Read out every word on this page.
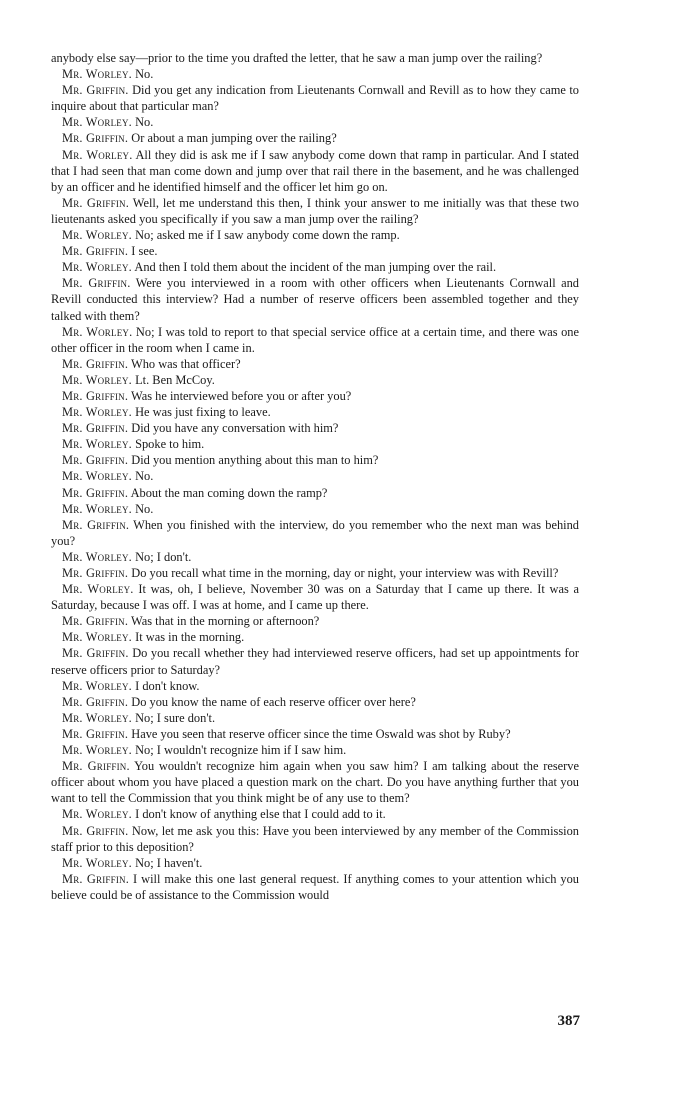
anybody else say—prior to the time you drafted the letter, that he saw a man jump over the railing?

Mr. Worley. No.

Mr. Griffin. Did you get any indication from Lieutenants Cornwall and Revill as to how they came to inquire about that particular man?

Mr. Worley. No.

Mr. Griffin. Or about a man jumping over the railing?

Mr. Worley. All they did is ask me if I saw anybody come down that ramp in particular. And I stated that I had seen that man come down and jump over that rail there in the basement, and he was challenged by an officer and he identified himself and the officer let him go on.

Mr. Griffin. Well, let me understand this then, I think your answer to me initially was that these two lieutenants asked you specifically if you saw a man jump over the railing?

Mr. Worley. No; asked me if I saw anybody come down the ramp.

Mr. Griffin. I see.

Mr. Worley. And then I told them about the incident of the man jumping over the rail.

Mr. Griffin. Were you interviewed in a room with other officers when Lieutenants Cornwall and Revill conducted this interview? Had a number of reserve officers been assembled together and they talked with them?

Mr. Worley. No; I was told to report to that special service office at a certain time, and there was one other officer in the room when I came in.

Mr. Griffin. Who was that officer?

Mr. Worley. Lt. Ben McCoy.

Mr. Griffin. Was he interviewed before you or after you?

Mr. Worley. He was just fixing to leave.

Mr. Griffin. Did you have any conversation with him?

Mr. Worley. Spoke to him.

Mr. Griffin. Did you mention anything about this man to him?

Mr. Worley. No.

Mr. Griffin. About the man coming down the ramp?

Mr. Worley. No.

Mr. Griffin. When you finished with the interview, do you remember who the next man was behind you?

Mr. Worley. No; I don't.

Mr. Griffin. Do you recall what time in the morning, day or night, your interview was with Revill?

Mr. Worley. It was, oh, I believe, November 30 was on a Saturday that I came up there. It was a Saturday, because I was off. I was at home, and I came up there.

Mr. Griffin. Was that in the morning or afternoon?

Mr. Worley. It was in the morning.

Mr. Griffin. Do you recall whether they had interviewed reserve officers, had set up appointments for reserve officers prior to Saturday?

Mr. Worley. I don't know.

Mr. Griffin. Do you know the name of each reserve officer over here?

Mr. Worley. No; I sure don't.

Mr. Griffin. Have you seen that reserve officer since the time Oswald was shot by Ruby?

Mr. Worley. No; I wouldn't recognize him if I saw him.

Mr. Griffin. You wouldn't recognize him again when you saw him? I am talking about the reserve officer about whom you have placed a question mark on the chart. Do you have anything further that you want to tell the Commission that you think might be of any use to them?

Mr. Worley. I don't know of anything else that I could add to it.

Mr. Griffin. Now, let me ask you this: Have you been interviewed by any member of the Commission staff prior to this deposition?

Mr. Worley. No; I haven't.

Mr. Griffin. I will make this one last general request. If anything comes to your attention which you believe could be of assistance to the Commission would

387
